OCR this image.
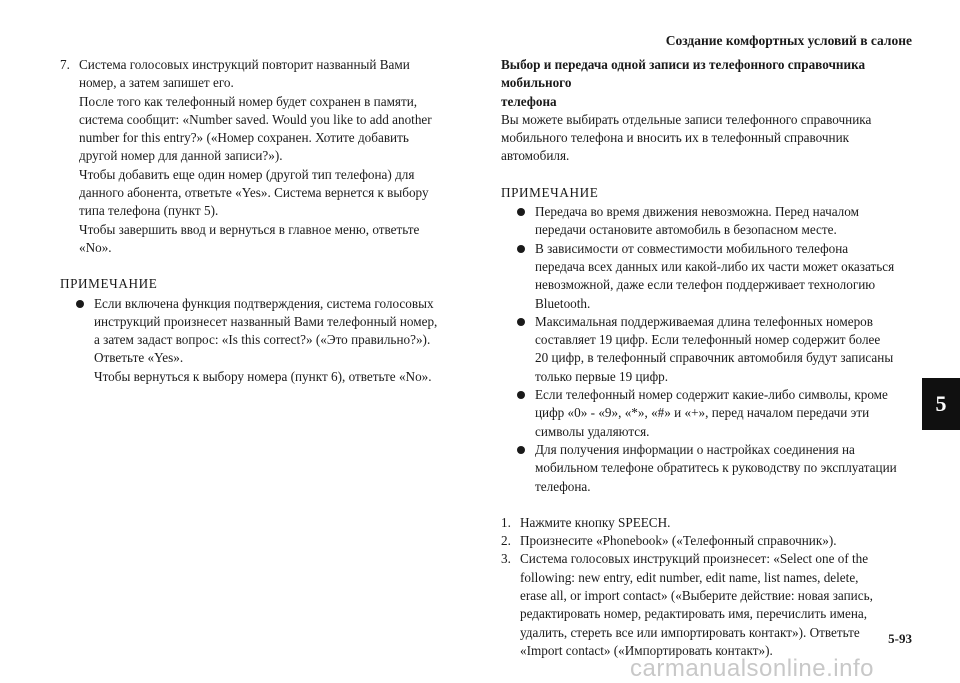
Создание комфортных условий в салоне
7. Система голосовых инструкций повторит названный Вами
номер, а затем запишет его.
После того как телефонный номер будет сохранен в памяти,
система сообщит: «Number saved. Would you like to add another
number for this entry?» («Номер сохранен. Хотите добавить
другой номер для данной записи?»).
Чтобы добавить еще один номер (другой тип телефона) для
данного абонента, ответьте «Yes». Система вернется к выбору
типа телефона (пункт 5).
Чтобы завершить ввод и вернуться в главное меню, ответьте
«No».
ПРИМЕЧАНИЕ
Если включена функция подтверждения, система голосовых
инструкций произнесет названный Вами телефонный номер,
а затем задаст вопрос: «Is this correct?» («Это правильно?»).
Ответьте «Yes».
Чтобы вернуться к выбору номера (пункт 6), ответьте «No».
Выбор и передача одной записи из телефонного справочника мобильного
телефона
Вы можете выбирать отдельные записи телефонного справочника
мобильного телефона и вносить их в телефонный справочник
автомобиля.
ПРИМЕЧАНИЕ
Передача во время движения невозможна. Перед началом
передачи остановите автомобиль в безопасном месте.
В зависимости от совместимости мобильного телефона
передача всех данных или какой-либо их части может оказаться
невозможной, даже если телефон поддерживает технологию
Bluetooth.
Максимальная поддерживаемая длина телефонных номеров
составляет 19 цифр. Если телефонный номер содержит более
20 цифр, в телефонный справочник автомобиля будут записаны
только первые 19 цифр.
Если телефонный номер содержит какие-либо символы, кроме
цифр «0» - «9», «*», «#» и «+», перед началом передачи эти
символы удаляются.
Для получения информации о настройках соединения на
мобильном телефоне обратитесь к руководству по эксплуатации
телефона.
1. Нажмите кнопку SPEECH.
2. Произнесите «Phonebook» («Телефонный справочник»).
3. Система голосовых инструкций произнесет: «Select one of the
following: new entry, edit number, edit name, list names, delete,
erase all, or import contact» («Выберите действие: новая запись,
редактировать номер, редактировать имя, перечислить имена,
удалить, стереть все или импортировать контакт»). Ответьте
«Import contact» («Импортировать контакт»).
5
5-93
carmanualsonline.info
